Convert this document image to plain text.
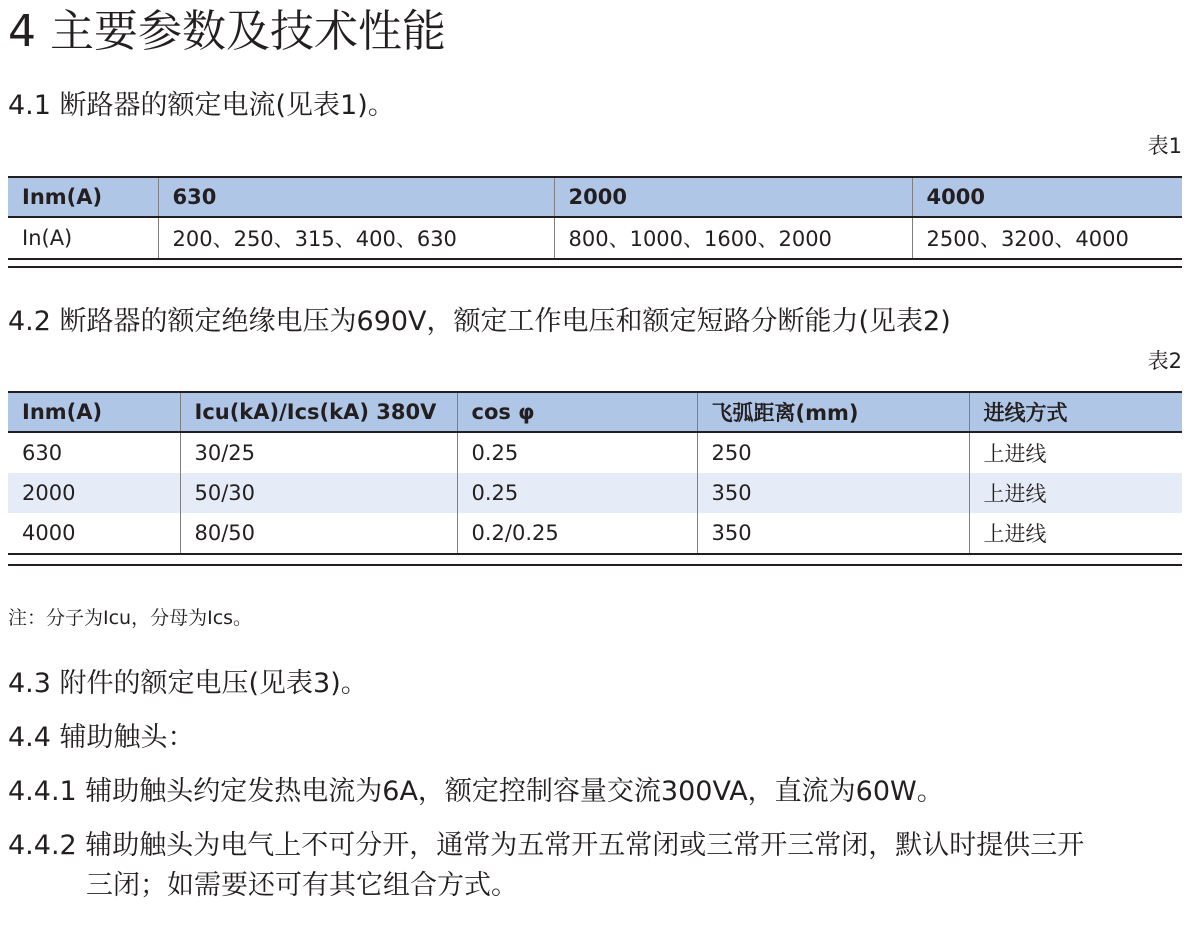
4 主要参数及技术性能
4.1 断路器的额定电流(见表1)。
表1
Inm(A)	630	2000	4000
In(A)	200、250、315、400、630	800、1000、1600、2000	2500、3200、4000
4.2 断路器的额定绝缘电压为690V，额定工作电压和额定短路分断能力(见表2)
表2
Inm(A)	Icu(kA)/Ics(kA) 380V	cos φ	飞弧距离(mm)	进线方式
630	30/25	0.25	250	上进线
2000	50/30	0.25	350	上进线
4000	80/50	0.2/0.25	350	上进线
注：分子为Icu，分母为Ics。
4.3 附件的额定电压(见表3)。
4.4 辅助触头：
4.4.1 辅助触头约定发热电流为6A，额定控制容量交流300VA，直流为60W。
4.4.2 辅助触头为电气上不可分开，通常为五常开五常闭或三常开三常闭，默认时提供三开
三闭；如需要还可有其它组合方式。
